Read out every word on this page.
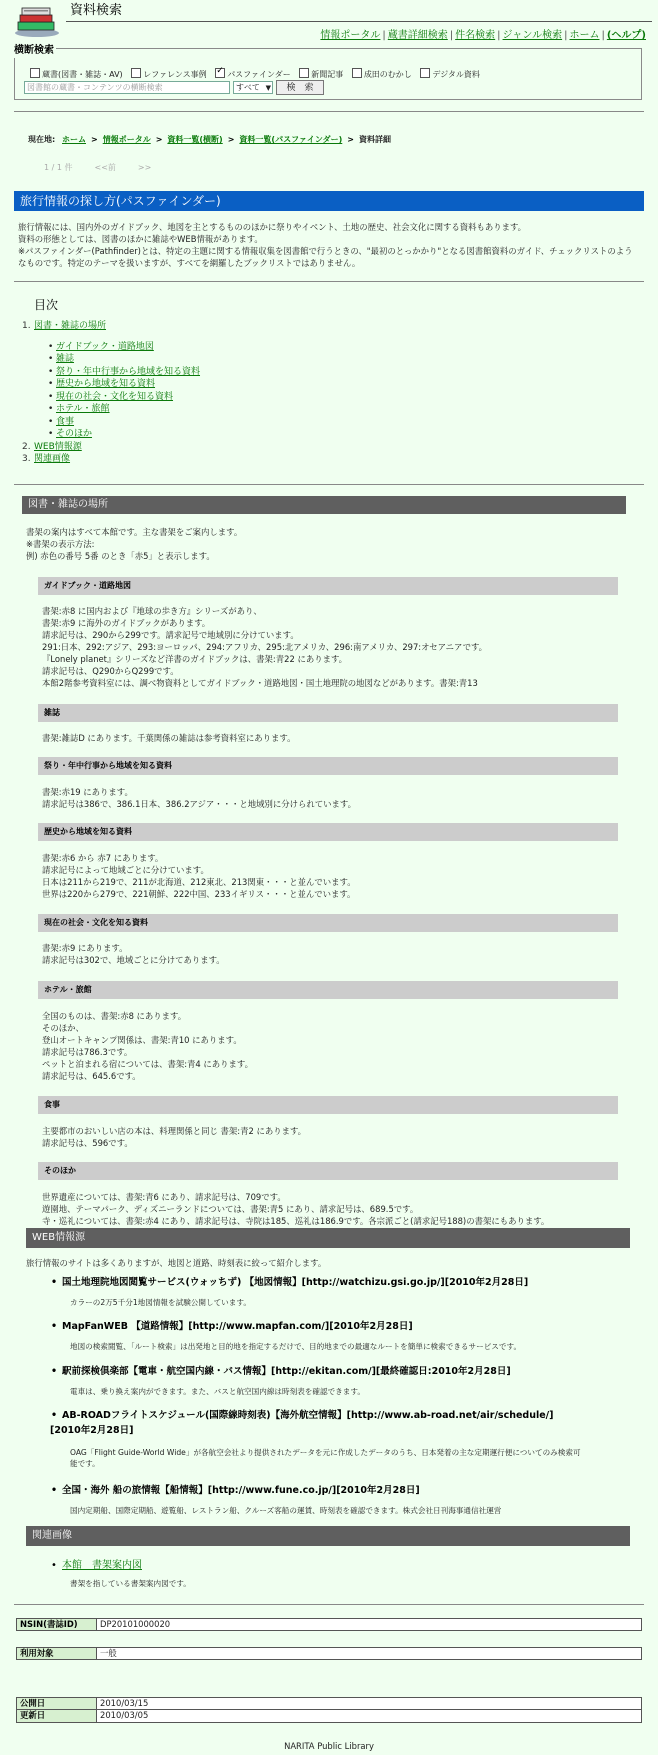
資料検索
情報ポータル | 蔵書詳細検索 | 件名検索 | ジャンル検索 | ホーム | (ヘルプ)
横断検索
蔵書(図書・雑誌・AV)	レファレンス事例 ✓	パスファインダー	新聞記事	成田のむかし	デジタル資料
図書館の蔵書・コンテンツの横断検索	すべて ▼	検　索
現在地: ホーム > 情報ポータル > 資料一覧(横断) > 資料一覧(パスファインダー) > 資料詳細
1 / 1 件	<<前	>>
旅行情報の探し方(パスファインダー)

旅行情報には、国内外のガイドブック、地図を主とするもののほかに祭りやイベント、土地の歴史、社会文化に関する資料もあります。

資料の形態としては、図書のほかに雑誌やWEB情報があります。

※パスファインダー(Pathfinder)とは、特定の主題に関する情報収集を図書館で行うときの、"最初のとっかかり"となる図書館資料のガイド、チェックリストのよう

なものです。特定のテーマを扱いますが、すべてを網羅したブックリストではありません。

目次
1. 図書・雑誌の場所
• ガイドブック・道路地図
• 雑誌
• 祭り・年中行事から地域を知る資料
• 歴史から地域を知る資料
• 現在の社会・文化を知る資料
• ホテル・旅館
• 食事
• そのほか
2. WEB情報源
3. 関連画像
図書・雑誌の場所
書架の案内はすべて本館です。主な書架をご案内します。
※書架の表示方法:
例) 赤色の番号 5番 のとき「赤5」と表示します。
ガイドブック・道路地図
書架:赤8 に国内および『地球の歩き方』シリーズがあり、
書架:赤9 に海外のガイドブックがあります。
請求記号は、290から299です。請求記号で地域別に分けています。
291:日本、292:アジア、293:ヨーロッパ、294:アフリカ、295:北アメリカ、296:南アメリカ、297:オセアニアです。
『Lonely planet』シリーズなど洋書のガイドブックは、書架:青22 にあります。
請求記号は、Q290からQ299です。
本館2階参考資料室には、調べ物資料としてガイドブック・道路地図・国土地理院の地図などがあります。書架:青13
雑誌
書架:雑誌D にあります。千葉関係の雑誌は参考資料室にあります。
祭り・年中行事から地域を知る資料
書架:赤19 にあります。
請求記号は386で、386.1日本、386.2アジア・・・と地域別に分けられています。
歴史から地域を知る資料
書架:赤6 から 赤7 にあります。
請求記号によって地域ごとに分けています。
日本は211から219で、211が北海道、212東北、213関東・・・と並んでいます。
世界は220から279で、221朝鮮、222中国、233イギリス・・・と並んでいます。
現在の社会・文化を知る資料
書架:赤9 にあります。
請求記号は302で、地域ごとに分けてあります。
ホテル・旅館
全国のものは、書架:赤8 にあります。
そのほか、
登山オートキャンプ関係は、書架:青10 にあります。
請求記号は786.3です。
ペットと泊まれる宿については、書架:青4 にあります。
請求記号は、645.6です。
食事
主要都市のおいしい店の本は、料理関係と同じ 書架:青2 にあります。
請求記号は、596です。
そのほか
世界遺産については、書架:青6 にあり、請求記号は、709です。
遊園地、テーマパーク、ディズニーランドについては、書架:青5 にあり、請求記号は、689.5です。
寺・巡礼については、書架:赤4 にあり、請求記号は、寺院は185、巡礼は186.9です。各宗派ごと(請求記号188)の書架にもあります。
WEB情報源
旅行情報のサイトは多くありますが、地図と道路、時刻表に絞って紹介します。
• 国土地理院地図閲覧サービス(ウォッちず) 【地図情報】[http://watchizu.gsi.go.jp/][2010年2月28日]
カラーの2万5千分1地図情報を試験公開しています。
• MapFanWEB 【道路情報】[http://www.mapfan.com/][2010年2月28日]
地図の検索閲覧、「ルート検索」は出発地と目的地を指定するだけで、目的地までの最適なルートを簡単に検索できるサービスです。
• 駅前探検倶楽部【電車・航空国内線・バス情報】[http://ekitan.com/][最終確認日:2010年2月28日]
電車は、乗り換え案内ができます。また、バスと航空国内線は時刻表を確認できます。
• AB-ROADフライトスケジュール(国際線時刻表)【海外航空情報】[http://www.ab-road.net/air/schedule/]
[2010年2月28日]
OAG「Flight Guide-World Wide」が各航空会社より提供されたデータを元に作成したデータのうち、日本発着の主な定期運行便についてのみ検索可
能です。
• 全国・海外 船の旅情報【船情報】[http://www.fune.co.jp/][2010年2月28日]
国内定期船、国際定期船、遊覧船、レストラン船、クルーズ客船の運賃、時刻表を確認できます。株式会社日刊海事通信社運営
関連画像
• 本館　書架案内図
書架を指している書架案内図です。
NSIN(書誌ID)	DP20101000020
利用対象	一般
公開日	2010/03/15
更新日	2010/03/05
NARITA Public Library
